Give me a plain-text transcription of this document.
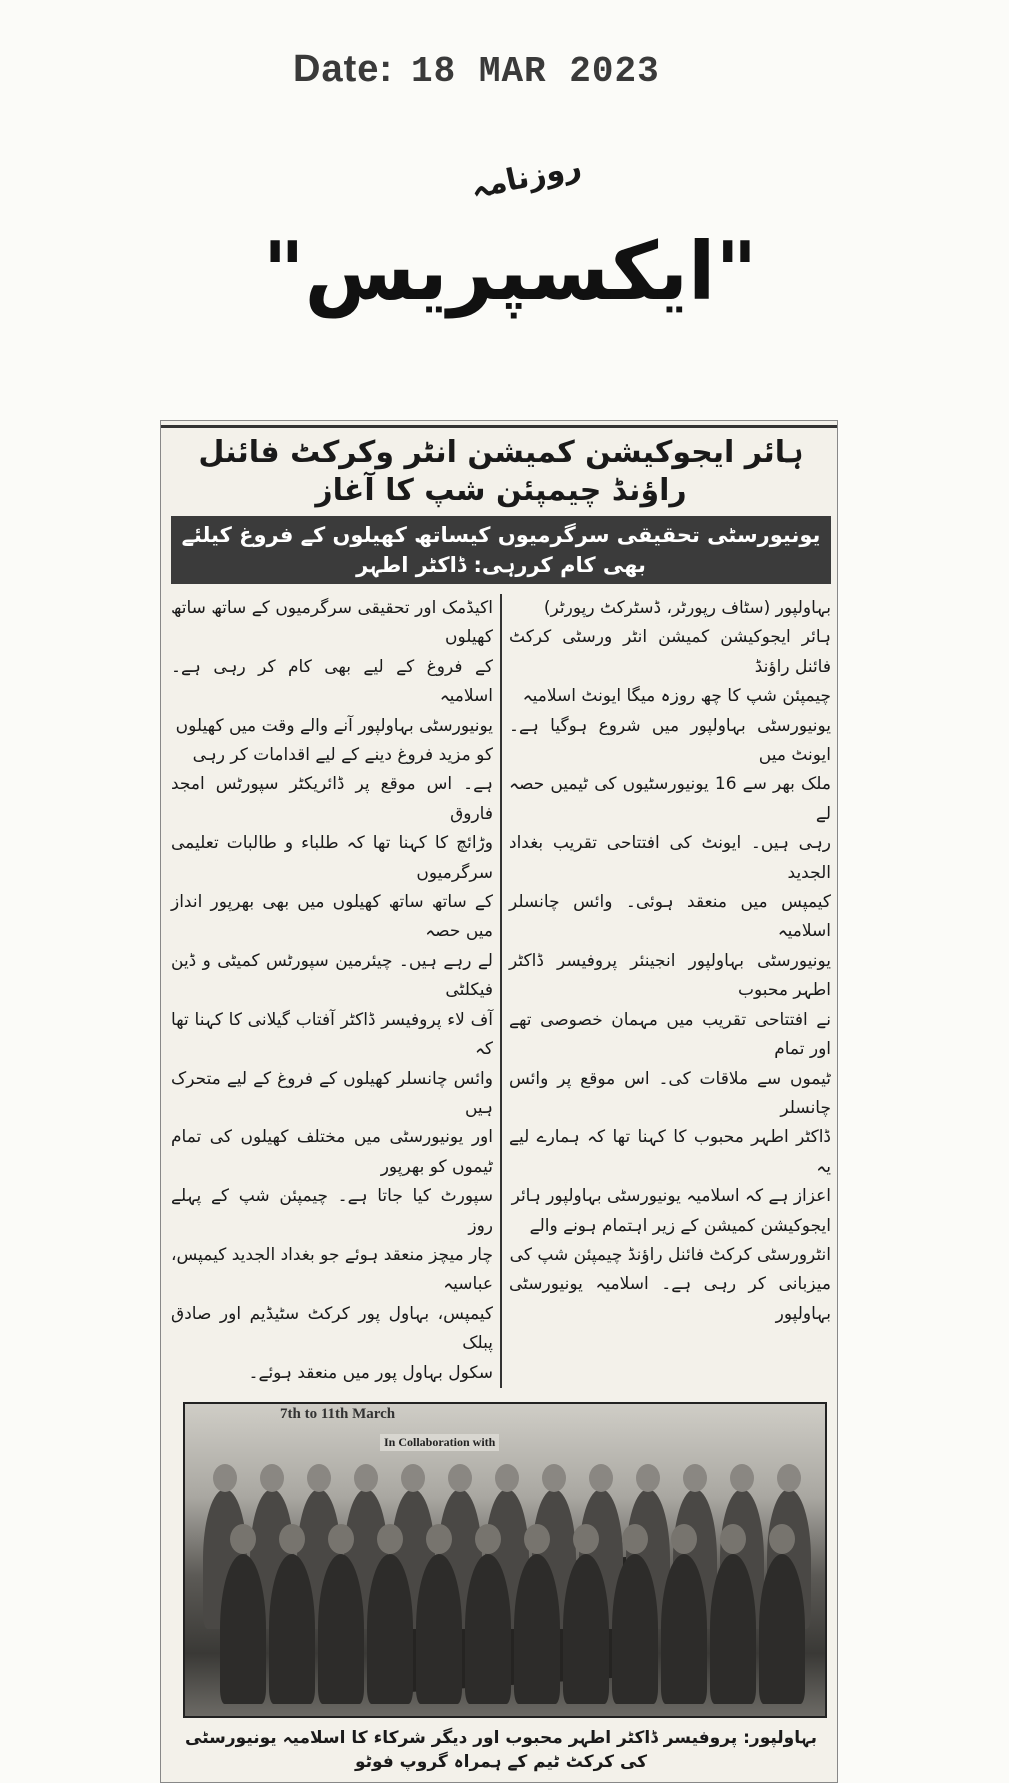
Date: 18 MAR 2023
روزنامہ
"ایکسپریس"
ہائر ایجوکیشن کمیشن انٹر وکرکٹ فائنل راؤنڈ چیمپئن شپ کا آغاز
یونیورسٹی تحقیقی سرگرمیوں کیساتھ کھیلوں کے فروغ کیلئے بھی کام کررہی: ڈاکٹر اطہر
بہاولپور (سٹاف رپورٹر، ڈسٹرکٹ رپورٹر)
ہائر ایجوکیشن کمیشن انٹر ورسٹی کرکٹ فائنل راؤنڈ
چیمپئن شپ کا چھ روزہ میگا ایونٹ اسلامیہ
یونیورسٹی بہاولپور میں شروع ہوگیا ہے۔ ایونٹ میں
ملک بھر سے 16 یونیورسٹیوں کی ٹیمیں حصہ لے
رہی ہیں۔ ایونٹ کی افتتاحی تقریب بغداد الجدید
کیمپس میں منعقد ہوئی۔ وائس چانسلر اسلامیہ
یونیورسٹی بہاولپور انجینئر پروفیسر ڈاکٹر اطہر محبوب
نے افتتاحی تقریب میں مہمان خصوصی تھے اور تمام
ٹیموں سے ملاقات کی۔ اس موقع پر وائس چانسلر
ڈاکٹر اطہر محبوب کا کہنا تھا کہ ہمارے لیے یہ
اعزاز ہے کہ اسلامیہ یونیورسٹی بہاولپور ہائر
ایجوکیشن کمیشن کے زیر اہتمام ہونے والے
انٹرورسٹی کرکٹ فائنل راؤنڈ چیمپئن شپ کی
میزبانی کر رہی ہے۔ اسلامیہ یونیورسٹی بہاولپور
اکیڈمک اور تحقیقی سرگرمیوں کے ساتھ ساتھ کھیلوں
کے فروغ کے لیے بھی کام کر رہی ہے۔ اسلامیہ
یونیورسٹی بہاولپور آنے والے وقت میں کھیلوں
کو مزید فروغ دینے کے لیے اقدامات کر رہی
ہے۔ اس موقع پر ڈائریکٹر سپورٹس امجد فاروق
وڑائچ کا کہنا تھا کہ طلباء و طالبات تعلیمی سرگرمیوں
کے ساتھ ساتھ کھیلوں میں بھی بھرپور انداز میں حصہ
لے رہے ہیں۔ چیئرمین سپورٹس کمیٹی و ڈین فیکلٹی
آف لاء پروفیسر ڈاکٹر آفتاب گیلانی کا کہنا تھا کہ
وائس چانسلر کھیلوں کے فروغ کے لیے متحرک ہیں
اور یونیورسٹی میں مختلف کھیلوں کی تمام ٹیموں کو بھرپور
سپورٹ کیا جاتا ہے۔ چیمپئن شپ کے پہلے روز
چار میچز منعقد ہوئے جو بغداد الجدید کیمپس، عباسیہ
کیمپس، بہاول پور کرکٹ سٹیڈیم اور صادق پبلک
سکول بہاول پور میں منعقد ہوئے۔
7th to 11th March
In Collaboration with
بہاولپور: پروفیسر ڈاکٹر اطہر محبوب اور دیگر شرکاء کا اسلامیہ یونیورسٹی کی کرکٹ ٹیم کے ہمراہ گروپ فوٹو
